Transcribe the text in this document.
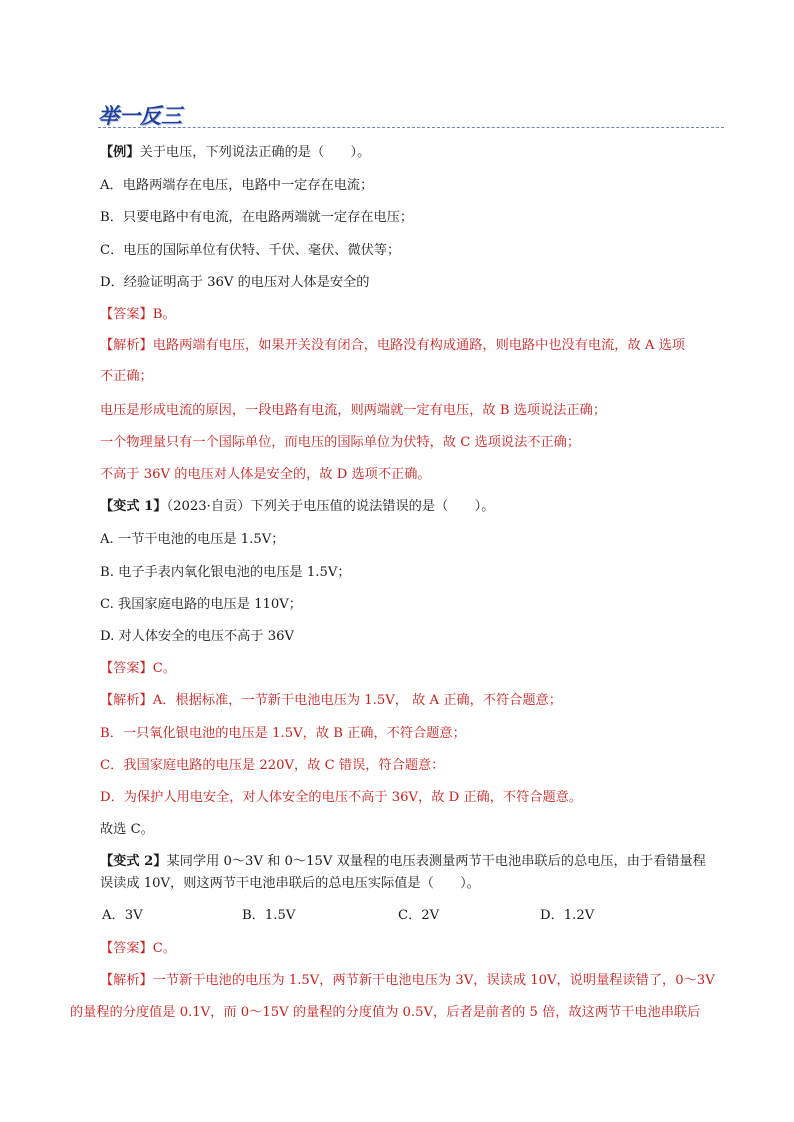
举一反三
【例】关于电压，下列说法正确的是（　　）。
A．电路两端存在电压，电路中一定存在电流；
B．只要电路中有电流，在电路两端就一定存在电压；
C．电压的国际单位有伏特、千伏、毫伏、微伏等；
D．经验证明高于 36V 的电压对人体是安全的
【答案】B。
【解析】电路两端有电压，如果开关没有闭合，电路没有构成通路，则电路中也没有电流，故 A 选项
不正确；
电压是形成电流的原因，一段电路有电流，则两端就一定有电压，故 B 选项说法正确；
一个物理量只有一个国际单位，而电压的国际单位为伏特，故 C 选项说法不正确；
不高于 36V 的电压对人体是安全的，故 D 选项不正确。
【变式 1】（2023·自贡）下列关于电压值的说法错误的是（　　）。
A. 一节干电池的电压是 1.5V；
B. 电子手表内氧化银电池的电压是 1.5V；
C. 我国家庭电路的电压是 110V；
D. 对人体安全的电压不高于 36V
【答案】C。
【解析】A．根据标准，一节新干电池电压为 1.5V， 故 A 正确，不符合题意；
B．一只氧化银电池的电压是 1.5V，故 B 正确，不符合题意；
C．我国家庭电路的电压是 220V，故 C 错误，符合题意：
D．为保护人用电安全，对人体安全的电压不高于 36V，故 D 正确，不符合题意。
故选 C。
【变式 2】某同学用 0～3V 和 0～15V 双量程的电压表测量两节干电池串联后的总电压，由于看错量程
误读成 10V，则这两节干电池串联后的总电压实际值是（　　）。
A．3V	B．1.5V	C．2V	D．1.2V
【答案】C。
【解析】一节新干电池的电压为 1.5V，两节新干电池电压为 3V，误读成 10V，说明量程读错了，0～3V
的量程的分度值是 0.1V，而 0～15V 的量程的分度值为 0.5V，后者是前者的 5 倍，故这两节干电池串联后
